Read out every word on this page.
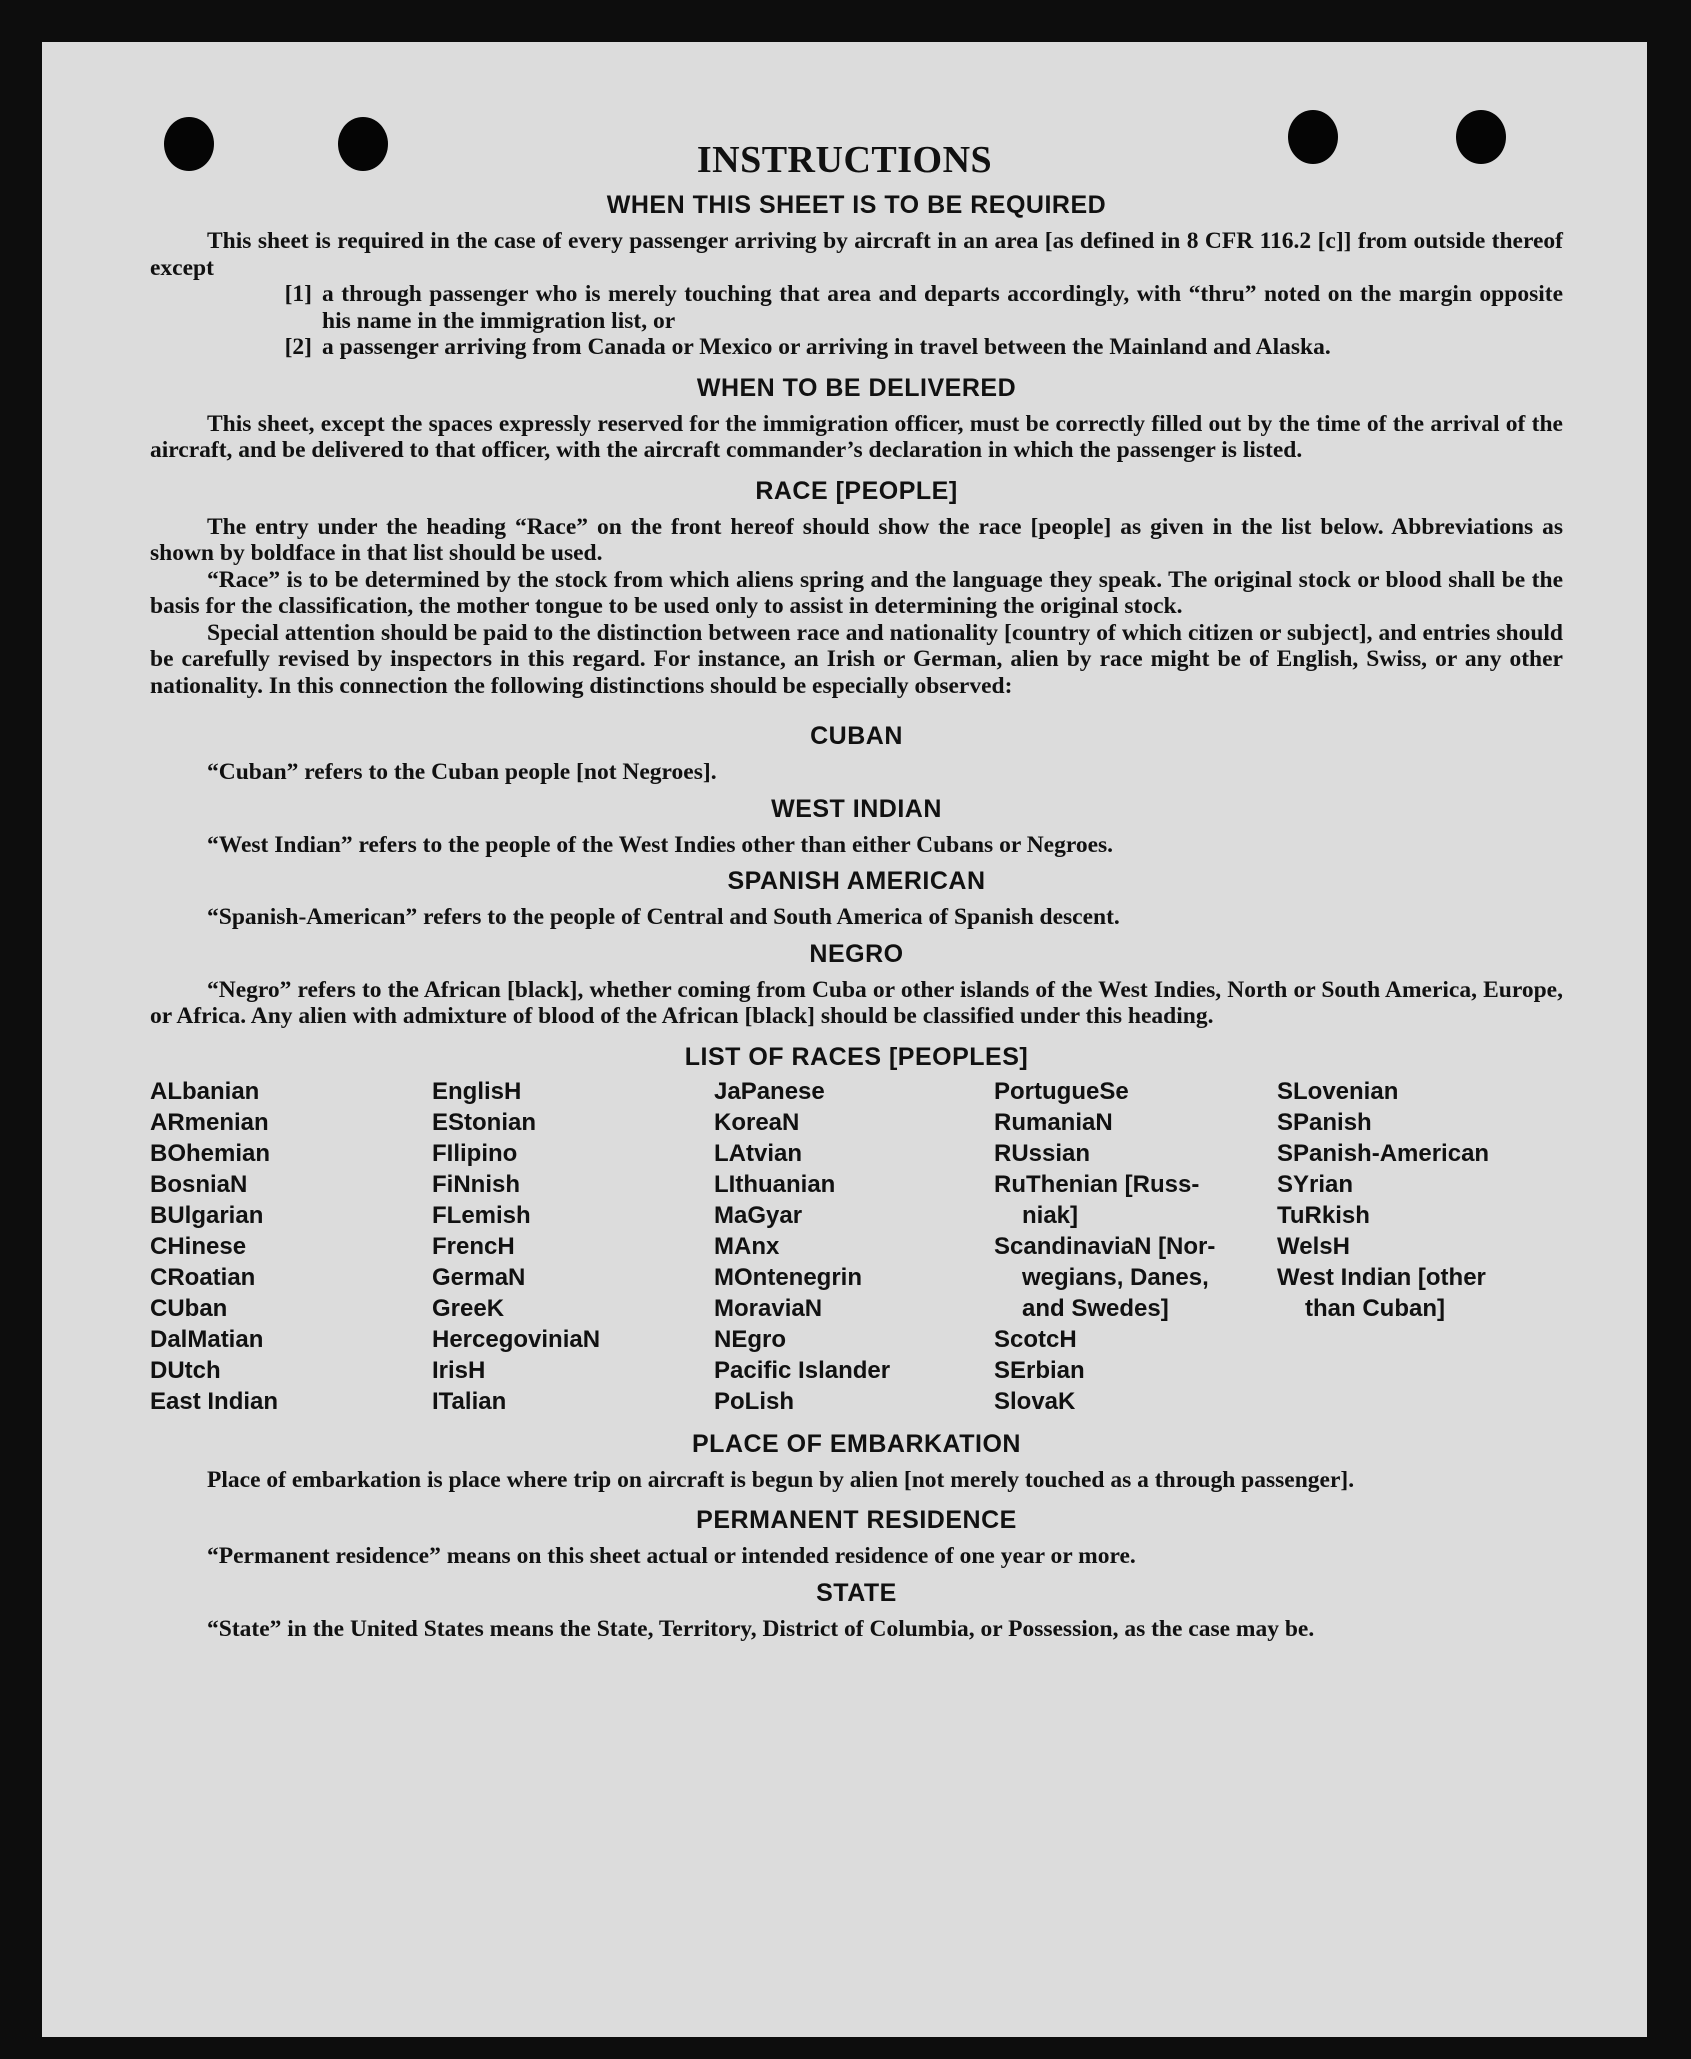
INSTRUCTIONS
WHEN THIS SHEET IS TO BE REQUIRED

This sheet is required in the case of every passenger arriving by aircraft in an area [as defined in 8 CFR 116.2 [c]] from outside thereof except

[1] a through passenger who is merely touching that area and departs accordingly, with “thru” noted on the margin opposite his name in the immigration list, or
[2] a passenger arriving from Canada or Mexico or arriving in travel between the Mainland and Alaska.
WHEN TO BE DELIVERED

This sheet, except the spaces expressly reserved for the immigration officer, must be correctly filled out by the time of the arrival of the aircraft, and be delivered to that officer, with the aircraft commander’s declaration in which the passenger is listed.

RACE [PEOPLE]

The entry under the heading “Race” on the front hereof should show the race [people] as given in the list below. Abbreviations as shown by boldface in that list should be used.

“Race” is to be determined by the stock from which aliens spring and the language they speak. The original stock or blood shall be the basis for the classification, the mother tongue to be used only to assist in determining the original stock.

Special attention should be paid to the distinction between race and nationality [country of which citizen or subject], and entries should be carefully revised by inspectors in this regard. For instance, an Irish or German, alien by race might be of English, Swiss, or any other nationality. In this connection the following distinctions should be especially observed:

CUBAN

“Cuban” refers to the Cuban people [not Negroes].

WEST INDIAN

“West Indian” refers to the people of the West Indies other than either Cubans or Negroes.

SPANISH AMERICAN

“Spanish-American” refers to the people of Central and South America of Spanish descent.

NEGRO

“Negro” refers to the African [black], whether coming from Cuba or other islands of the West Indies, North or South America, Europe, or Africa. Any alien with admixture of blood of the African [black] should be classified under this heading.

LIST OF RACES [PEOPLES]
ALbanian	EnglisH	JaPanese	PortugueSe	SLovenian
ARmenian	EStonian	KoreaN	RumaniaN	SPanish
BOhemian	FIlipino	LAtvian	RUssian	SPanish-American
BosniaN	FiNnish	LIthuanian	RuThenian [Russ-	SYrian
BUlgarian	FLemish	MaGyar	niak]	TuRkish
CHinese	FrencH	MAnx	ScandinaviaN [Nor-	WelsH
CRoatian	GermaN	MOntenegrin	wegians, Danes,	West Indian [other
CUban	GreeK	MoraviaN	and Swedes]	than Cuban]
DalMatian	HercegoviniaN	NEgro	ScotcH
DUtch	IrisH	Pacific Islander	SErbian
East Indian	ITalian	PoLish	SlovaK
PLACE OF EMBARKATION

Place of embarkation is place where trip on aircraft is begun by alien [not merely touched as a through passenger].

PERMANENT RESIDENCE

“Permanent residence” means on this sheet actual or intended residence of one year or more.

STATE

“State” in the United States means the State, Territory, District of Columbia, or Possession, as the case may be.
